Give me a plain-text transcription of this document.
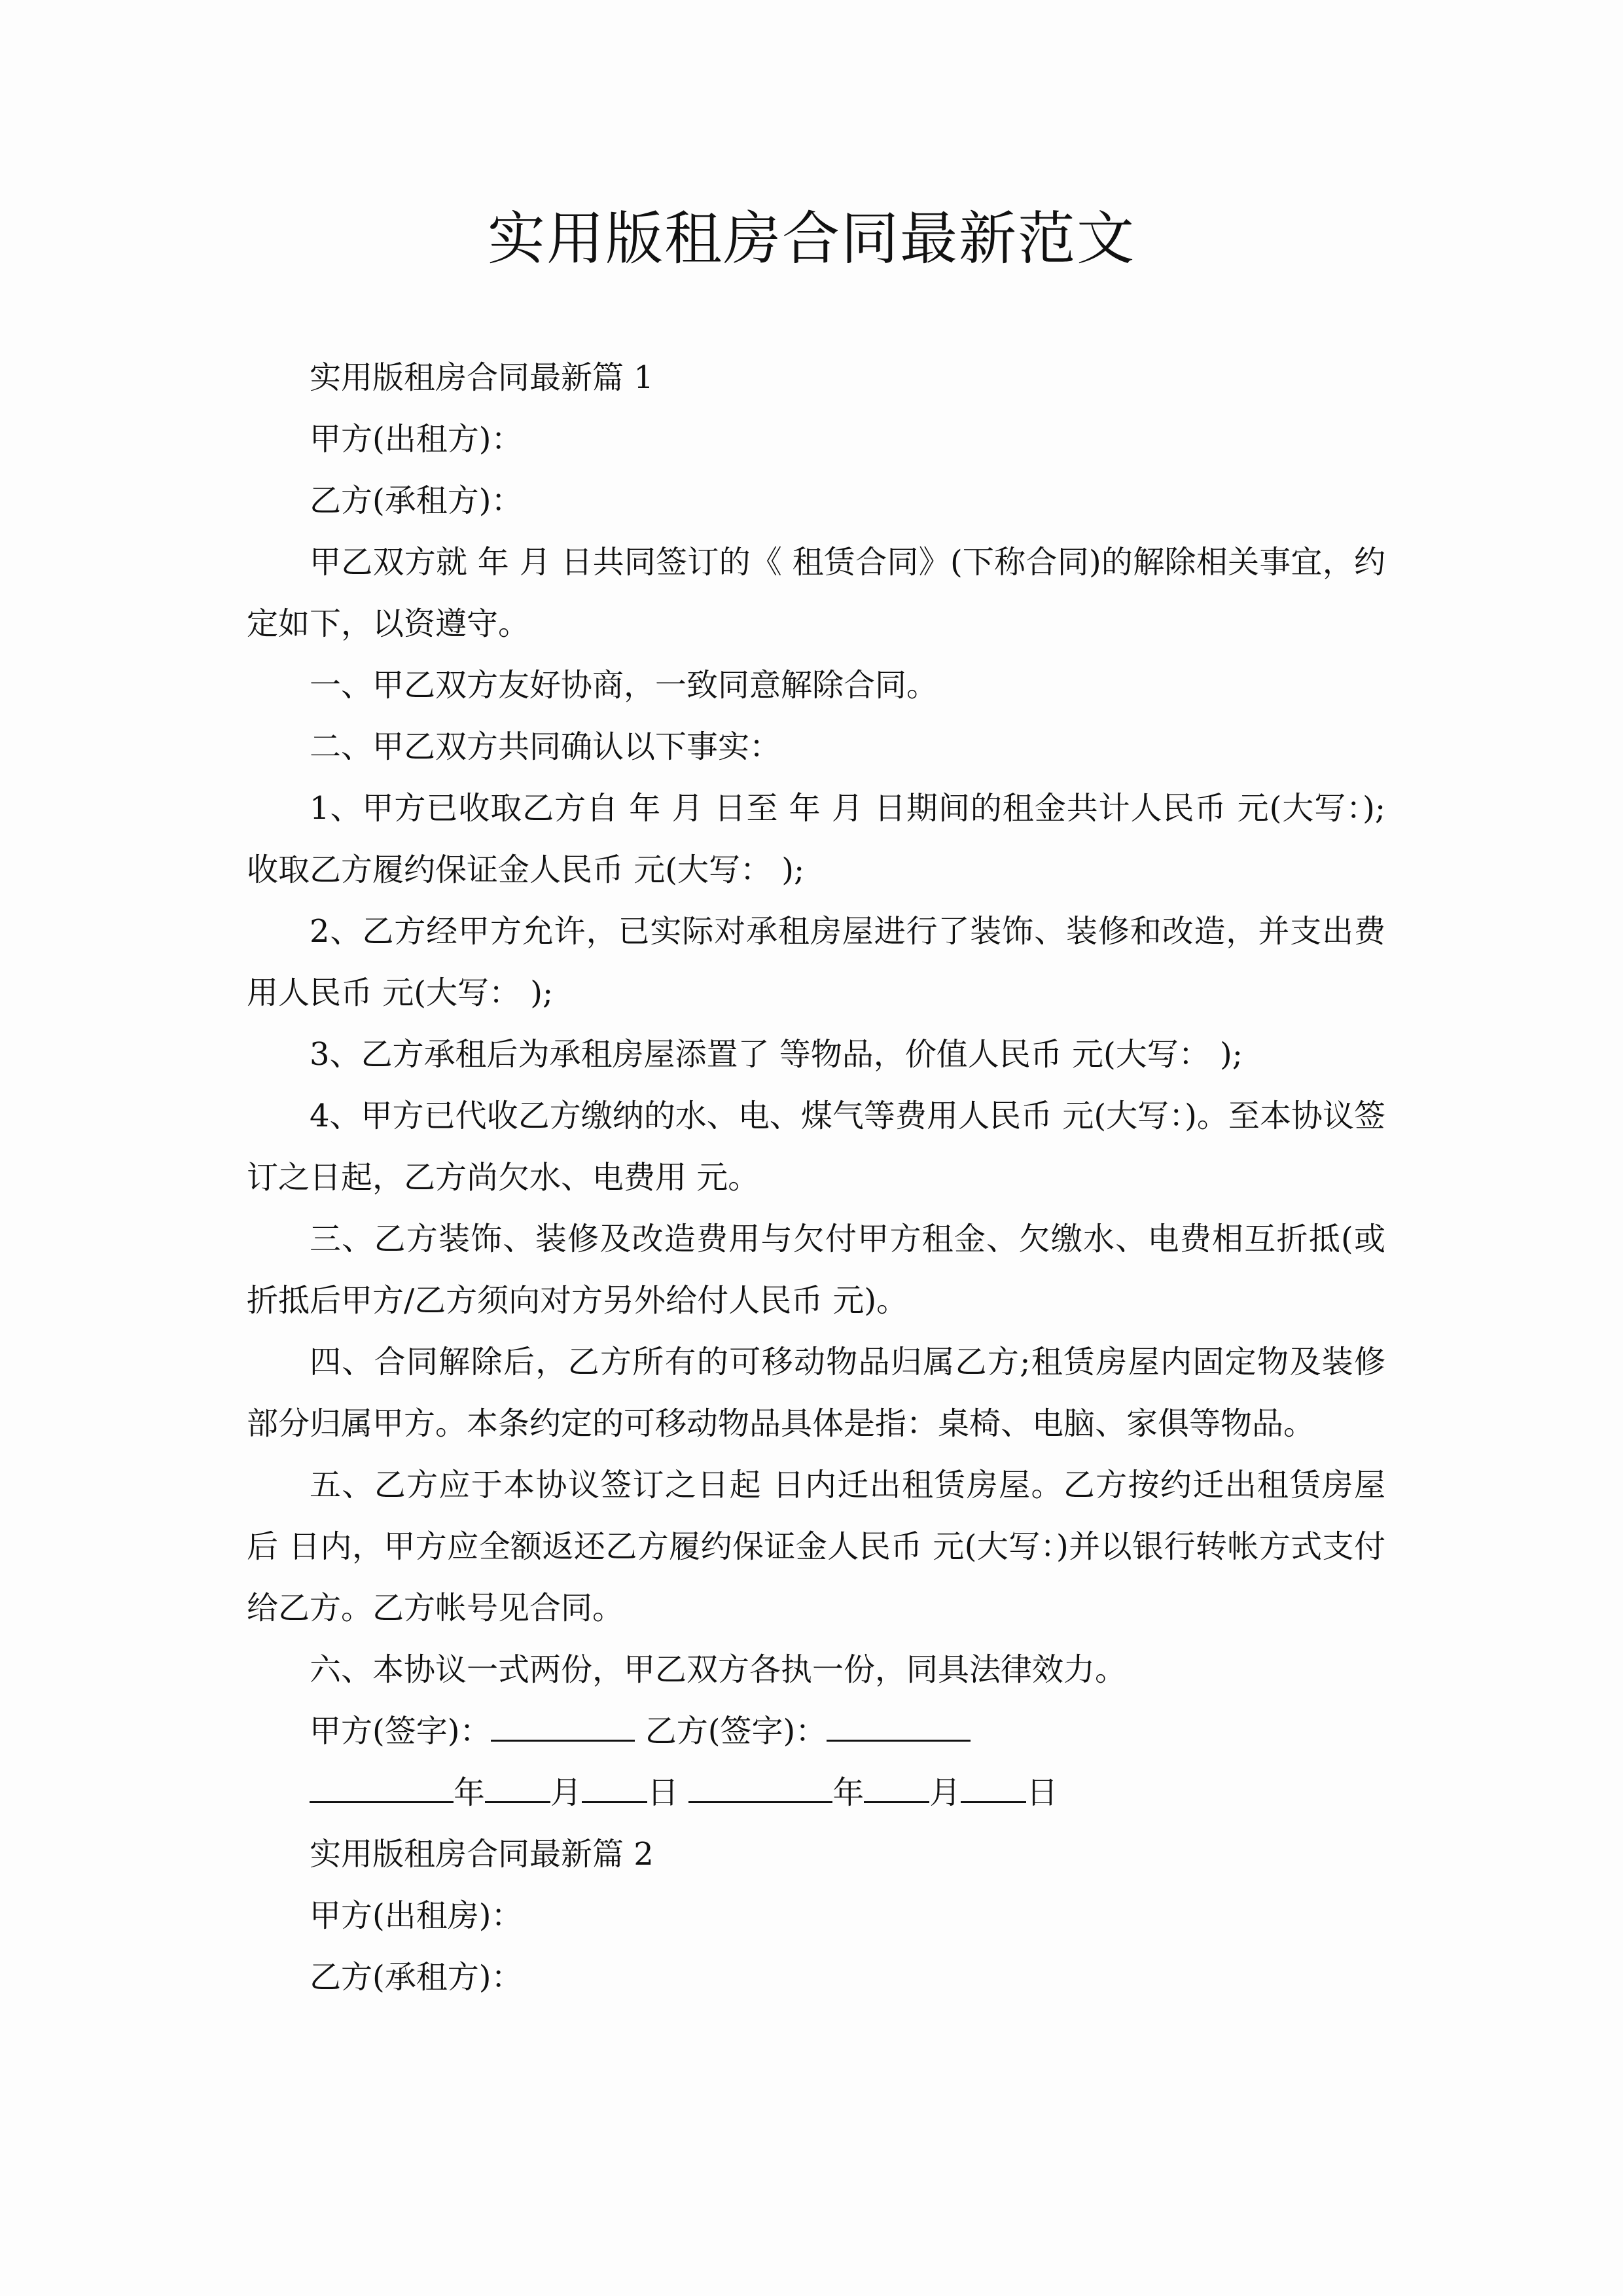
实用版租房合同最新范文

实用版租房合同最新篇 1

甲方(出租方)：

乙方(承租方)：

甲乙双方就 年 月 日共同签订的《 租赁合同》(下称合同)的解除相关事宜，约定如下，以资遵守。

一、甲乙双方友好协商，一致同意解除合同。

二、甲乙双方共同确认以下事实：

1、甲方已收取乙方自 年 月 日至 年 月 日期间的租金共计人民币 元(大写：);收取乙方履约保证金人民币 元(大写： );

2、乙方经甲方允许，已实际对承租房屋进行了装饰、装修和改造，并支出费用人民币 元(大写： );

3、乙方承租后为承租房屋添置了 等物品，价值人民币 元(大写： );

4、甲方已代收乙方缴纳的水、电、煤气等费用人民币 元(大写：)。至本协议签订之日起，乙方尚欠水、电费用 元。

三、乙方装饰、装修及改造费用与欠付甲方租金、欠缴水、电费相互折抵(或折抵后甲方/乙方须向对方另外给付人民币 元)。

四、合同解除后，乙方所有的可移动物品归属乙方;租赁房屋内固定物及装修部分归属甲方。本条约定的可移动物品具体是指：桌椅、电脑、家俱等物品。

五、乙方应于本协议签订之日起 日内迁出租赁房屋。乙方按约迁出租赁房屋后 日内，甲方应全额返还乙方履约保证金人民币 元(大写：)并以银行转帐方式支付给乙方。乙方帐号见合同。

六、本协议一式两份，甲乙双方各执一份，同具法律效力。

甲方(签字)：	乙方(签字)：
年 月 日	年 月 日

实用版租房合同最新篇 2

甲方(出租房)：

乙方(承租方)：
